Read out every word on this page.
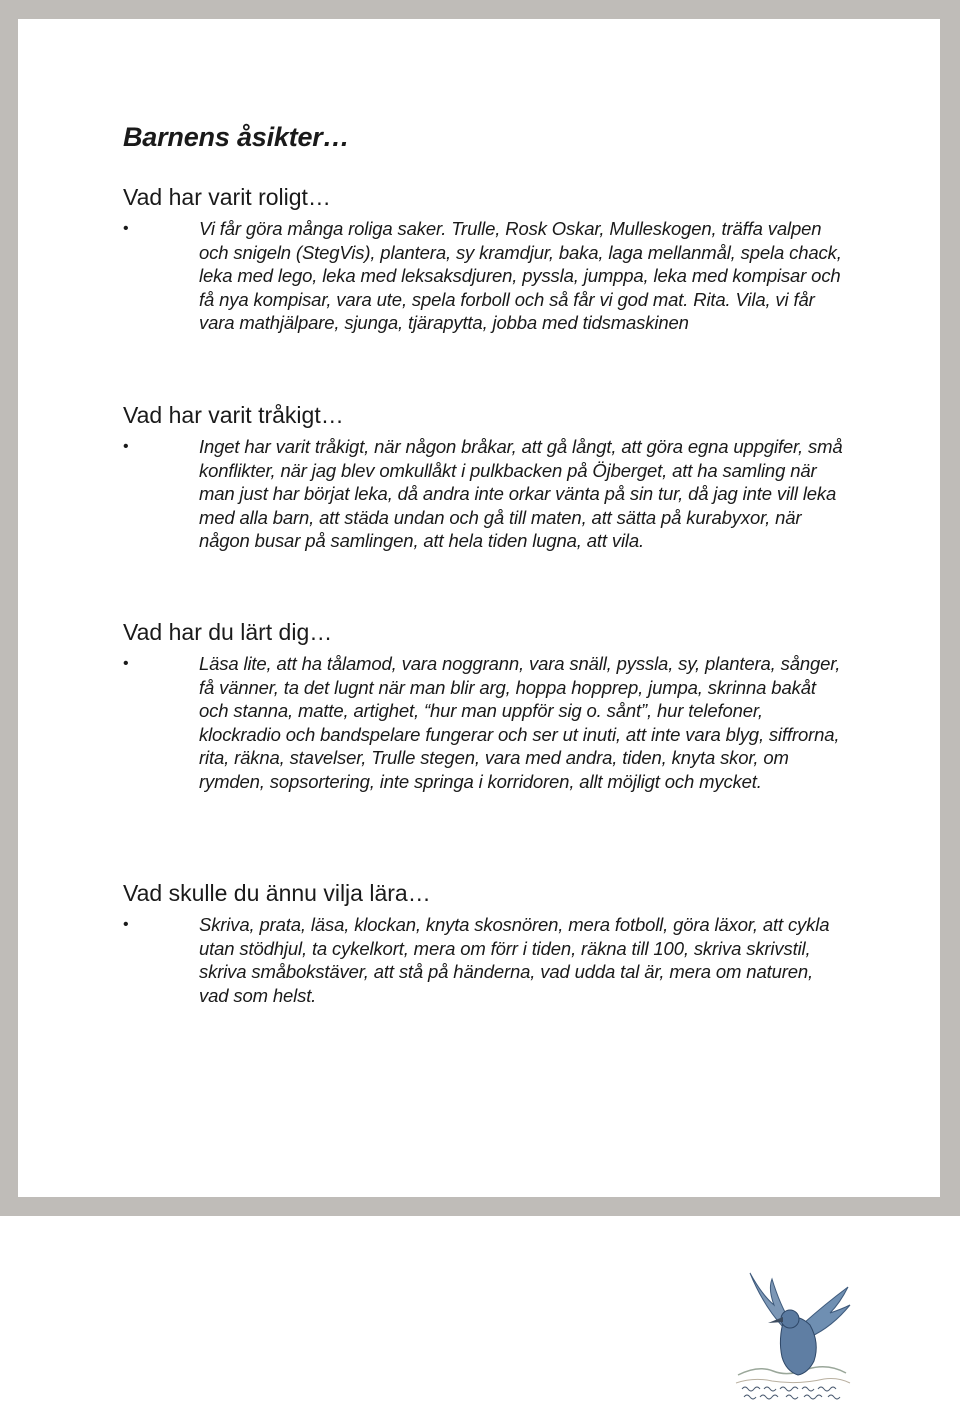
Barnens åsikter…
Vad har varit roligt…
•	Vi får göra många roliga saker. Trulle, Rosk Oskar, Mulleskogen, träffa valpen och snigeln (StegVis), plantera, sy kramdjur, baka, laga mellanmål, spela chack, leka med lego, leka med leksaksdjuren, pyssla, jumppa, leka med kompisar och få nya kompisar, vara ute, spela forboll och så får vi god mat. Rita. Vila, vi får vara mathjälpare, sjunga, tjärapytta, jobba med tidsmaskinen

Vad har varit tråkigt…
•	Inget har varit tråkigt, när någon bråkar, att gå långt, att göra egna uppgifer, små konflikter, när jag blev omkullåkt i pulkbacken på Öjberget, att ha samling när man just har börjat leka, då andra inte orkar vänta på sin tur, då jag inte vill leka med alla barn, att städa undan och gå till maten, att sätta på kurabyxor, när någon busar på samlingen, att hela tiden lugna, att vila.

Vad har du lärt dig…
•	Läsa lite, att ha tålamod, vara noggrann, vara snäll, pyssla, sy, plantera, sånger, få vänner, ta det lugnt när man blir arg, hoppa hopprep, jumpa, skrinna bakåt och stanna, matte, artighet, “hur man uppför sig o. sånt”, hur telefoner, klockradio och bandspelare fungerar och ser ut inuti, att inte vara blyg, siffrorna, rita, räkna, stavelser, Trulle stegen, vara med andra, tiden, knyta skor, om rymden, sopsortering, inte springa i korridoren, allt möjligt och mycket.

Vad skulle du ännu vilja lära…
•	Skriva, prata, läsa, klockan, knyta skosnören, mera fotboll, göra läxor, att cykla utan stödhjul, ta cykelkort, mera om förr i tiden, räkna till 100, skriva skrivstil, skriva småbokstäver, att stå på händerna, vad udda tal är, mera om naturen, vad som helst.
